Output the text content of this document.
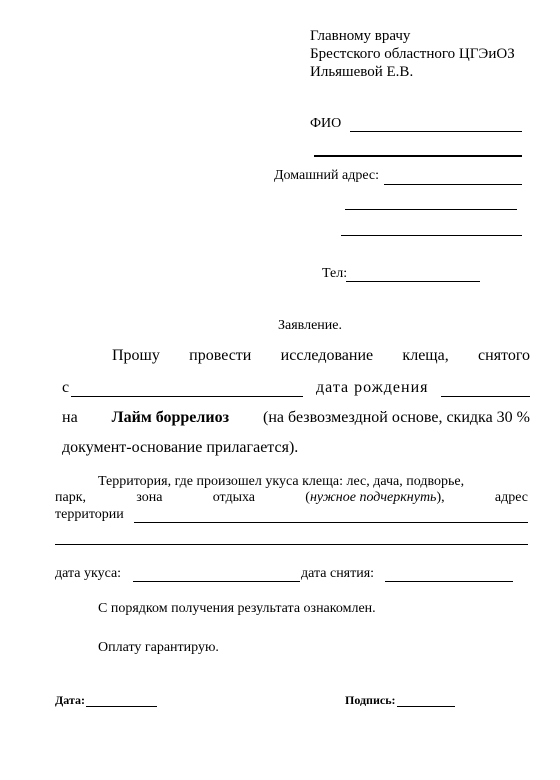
Главному врачу
Брестского областного ЦГЭиОЗ
Ильяшевой Е.В.
ФИО
Домашний адрес:
Тел:
Заявление.
Прошу провести исследование клеща, снятого
с	дата рождения
на Лайм боррелиоз (на безвозмездной основе, скидка 30 %
документ-основание прилагается).
Территория, где произошел укуса клеща: лес, дача, подворье,
парк,	зона	отдыха	(нужное подчеркнуть),	адрес
территории
дата укуса:	дата снятия:
С порядком получения результата ознакомлен.
Оплату гарантирую.
Дата:	Подпись:
